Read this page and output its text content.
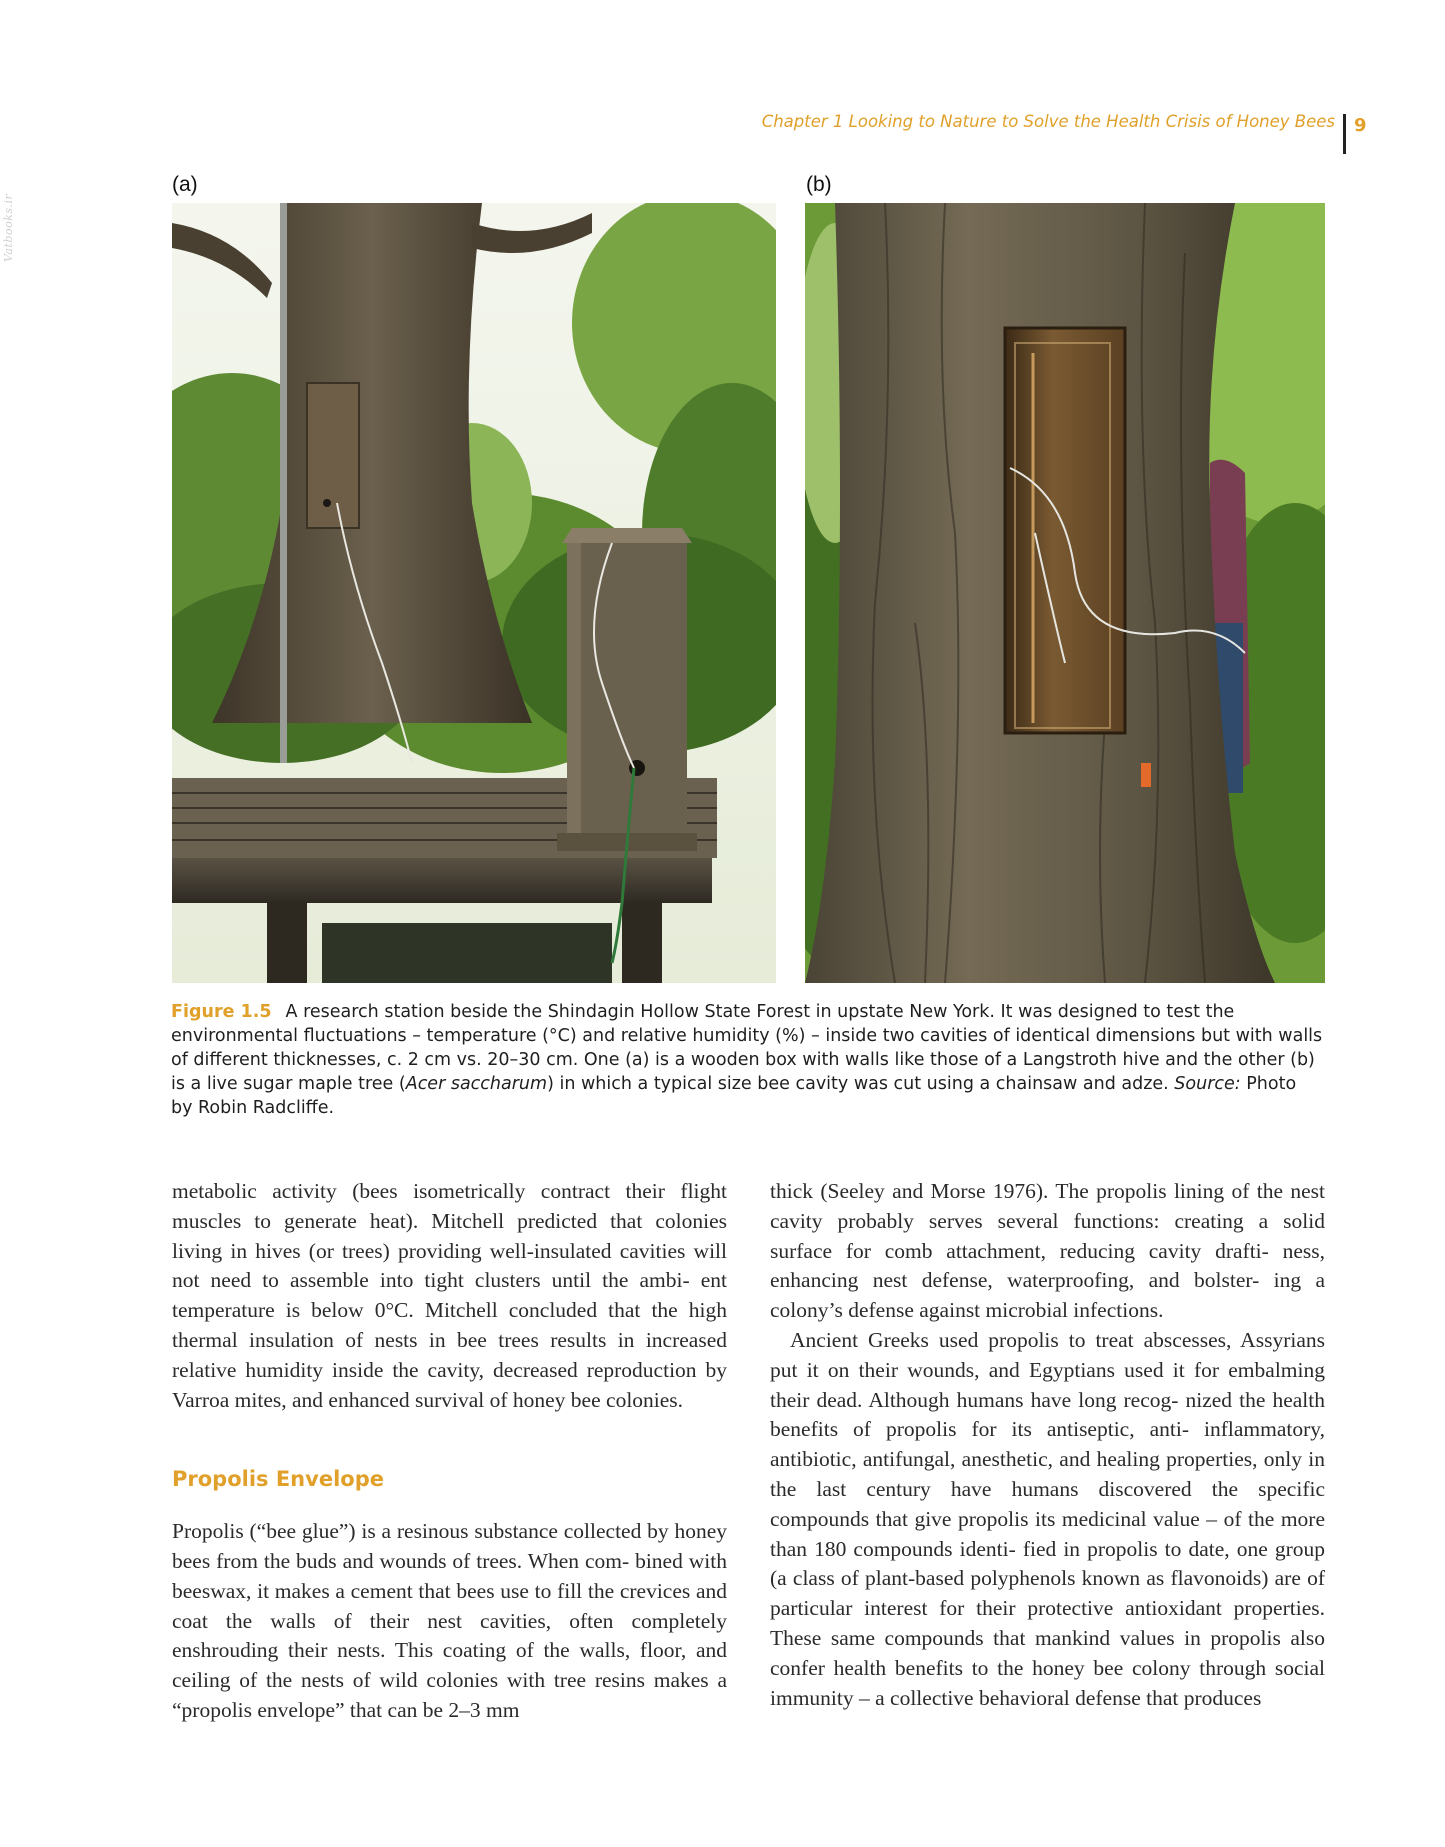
Chapter 1 Looking to Nature to Solve the Health Crisis of Honey Bees 9
Vatbooks.ir
(a)	(b)
Figure 1.5 A research station beside the Shindagin Hollow State Forest in upstate New York. It was designed to test the environmental fluctuations – temperature (°C) and relative humidity (%) – inside two cavities of identical dimensions but with walls of different thicknesses, c. 2 cm vs. 20–30 cm. One (a) is a wooden box with walls like those of a Langstroth hive and the other (b) is a live sugar maple tree (Acer saccharum) in which a typical size bee cavity was cut using a chainsaw and adze. Source: Photo by Robin Radcliffe.

metabolic activity (bees isometrically contract their flight muscles to generate heat). Mitchell predicted that colonies living in hives (or trees) providing well-insulated cavities will not need to assemble into tight clusters until the ambi- ent temperature is below 0°C. Mitchell concluded that the high thermal insulation of nests in bee trees results in increased relative humidity inside the cavity, decreased reproduction by Varroa mites, and enhanced survival of honey bee colonies.

Propolis Envelope

Propolis (“bee glue”) is a resinous substance collected by honey bees from the buds and wounds of trees. When com- bined with beeswax, it makes a cement that bees use to fill the crevices and coat the walls of their nest cavities, often completely enshrouding their nests. This coating of the walls, floor, and ceiling of the nests of wild colonies with tree resins makes a “propolis envelope” that can be 2–3 mm

thick (Seeley and Morse 1976). The propolis lining of the nest cavity probably serves several functions: creating a solid surface for comb attachment, reducing cavity drafti- ness, enhancing nest defense, waterproofing, and bolster- ing a colony’s defense against microbial infections.

Ancient Greeks used propolis to treat abscesses, Assyrians put it on their wounds, and Egyptians used it for embalming their dead. Although humans have long recog- nized the health benefits of propolis for its antiseptic, anti- inflammatory, antibiotic, antifungal, anesthetic, and healing properties, only in the last century have humans discovered the specific compounds that give propolis its medicinal value – of the more than 180 compounds identi- fied in propolis to date, one group (a class of plant-based polyphenols known as flavonoids) are of particular interest for their protective antioxidant properties. These same compounds that mankind values in propolis also confer health benefits to the honey bee colony through social immunity – a collective behavioral defense that produces
